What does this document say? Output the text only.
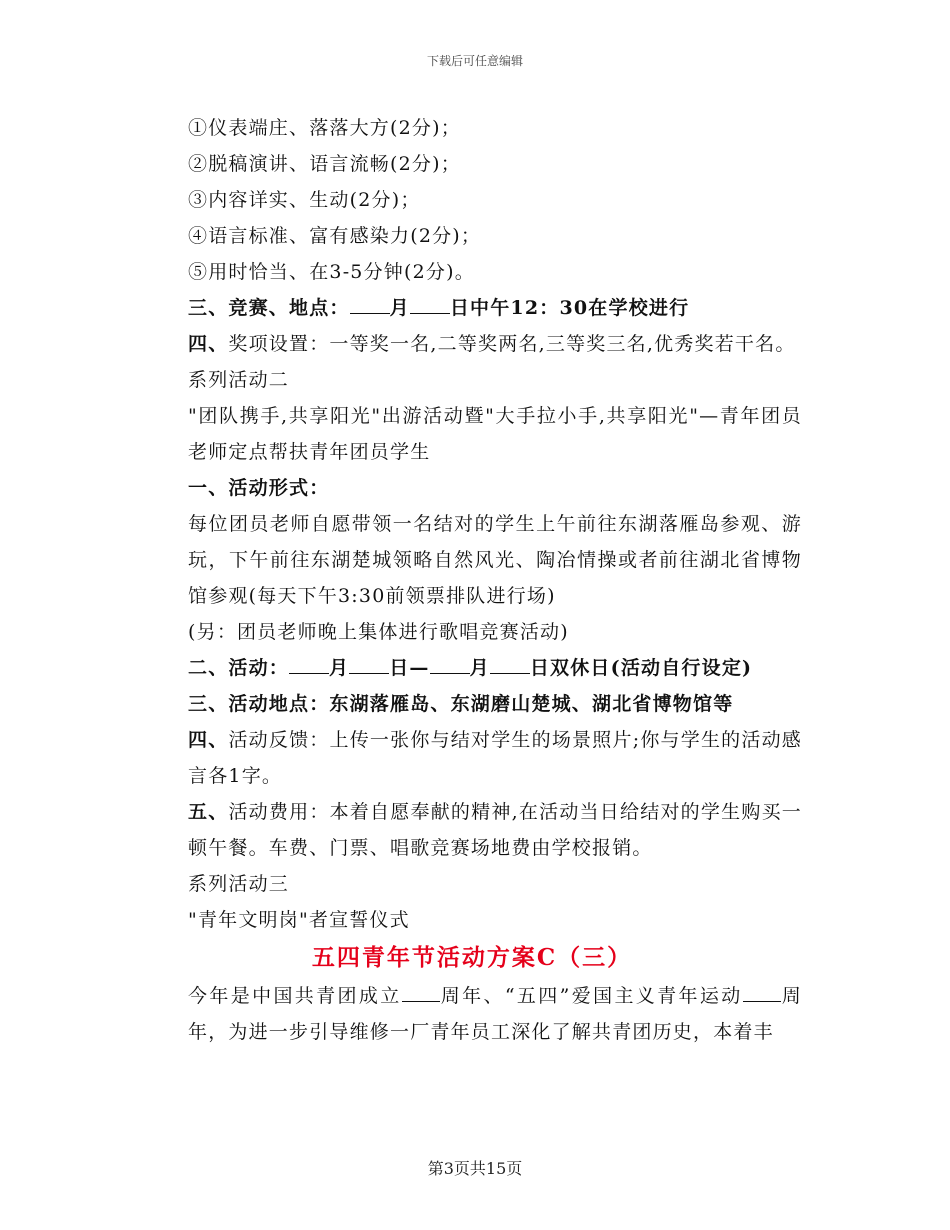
下载后可任意编辑

①仪表端庄、落落大方(2分)；

②脱稿演讲、语言流畅(2分)；

③内容详实、生动(2分)；

④语言标准、富有感染力(2分)；

⑤用时恰当、在3-5分钟(2分)。

三、竞赛、地点： 月 日中午12：30在学校进行

四、奖项设置：一等奖一名,二等奖两名,三等奖三名,优秀奖若干名。

系列活动二

"团队携手,共享阳光"出游活动暨"大手拉小手,共享阳光"—青年团员老师定点帮扶青年团员学生

一、活动形式：

每位团员老师自愿带领一名结对的学生上午前往东湖落雁岛参观、游玩，下午前往东湖楚城领略自然风光、陶冶情操或者前往湖北省博物馆参观(每天下午3:30前领票排队进行场)

(另：团员老师晚上集体进行歌唱竞赛活动)

二、活动： 月 日— 月 日双休日(活动自行设定)

三、活动地点：东湖落雁岛、东湖磨山楚城、湖北省博物馆等

四、活动反馈：上传一张你与结对学生的场景照片;你与学生的活动感言各1字。

五、活动费用：本着自愿奉献的精神,在活动当日给结对的学生购买一顿午餐。车费、门票、唱歌竞赛场地费由学校报销。

系列活动三

"青年文明岗"者宣誓仪式

五四青年节活动方案C（三）

今年是中国共青团成立 周年、“五四”爱国主义青年运动 周年，为进一步引导维修一厂青年员工深化了解共青团历史，本着丰

第3页共15页
